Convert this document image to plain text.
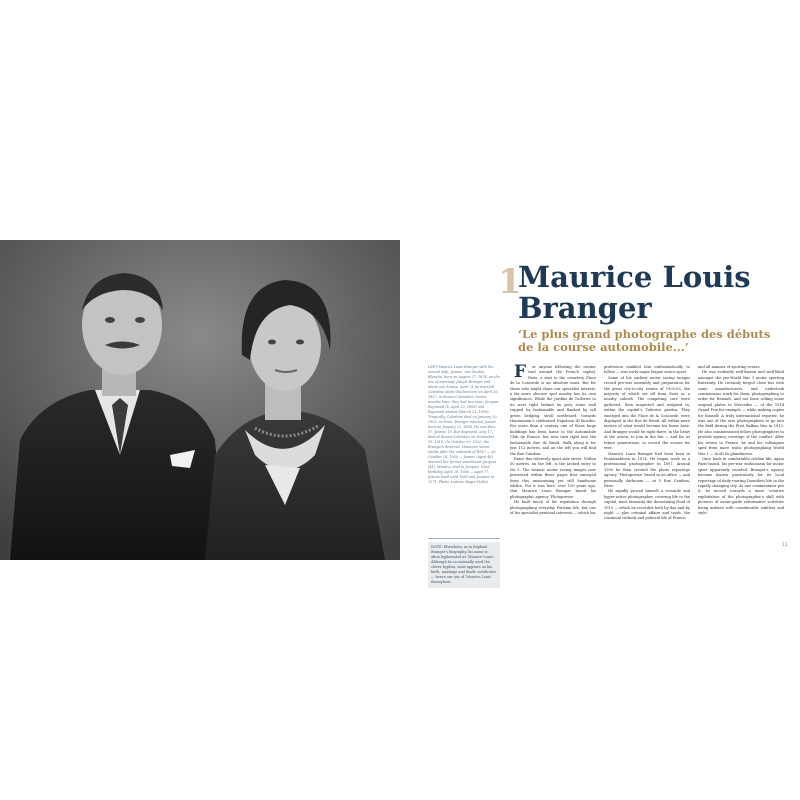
1
Maurice Louis Branger
‘Le plus grand photographe des débuts de la course automobile...’
LEFT Maurice Louis Branger with his second wife, Jeanne, née Gautier, Blanche, born on August 27, 1874, on the eve of marriage Joseph Branger and Marie née Louise, April 21 he married Celestine Marie Ruchamiere on April 26, 1897, in Rouen-Colombier; twelve months later, they had two sons: Jacques Raymond (b. April 20, 1898) and Raymond Marius (March 31, 1899). Tragically, Celestine died on January 20, 1903, as Paris. Branger married Jeanne born on January 22, 1894. He was then 37; Jeanne 19. But Raymond, only 17, died at Rouen-Colombes on November 15, 1916. On October 29, 1920, the Brangers divorced. However, seven weeks after the outbreak of WW2 — on October 14, 1939 — Jeanne (aged 46) married her former sweetheart Jacques (41). Maurice died in Jacques’ 62nd birthday, April 20, 1958 — aged 77. Jeanne lived until 1960 and Jacques to 1971. Photo: Ludovic Roger-Viollet
NOTE: Elsewhere, as in Raphael Branger’s biography, his name is often hyphenated as ‘Maurice-Louis’. Although he occasionally used the clever hyphen, none appears on his birth, marriage and death certificates — hence our use of ‘Maurice Louis’ throughout.

F	or anyone following the routier trail around the French capital, Paris, a visit to the cemetery Place de la Concorde is an absolute must. But for those who might share our specialist interest, a far more obscure spot nearby has its own significance. While the Jardins de Tuileries to its west right behind its grey stone wall tripped by fashionable and flanked by tall green hedging, stroll northward, towards Haussmann’s celebrated Napoleon III facades. For more than a century one of those huge buildings has been home to the Automobile Club de France, but now turn right into the fashionable Rue de Rivoli. Walk along it for just 112 metres, and on the left you will find the Rue Cambon.

Enter this relatively quiet side street. Within 50 metres, on the left, is the arched entry to No 5. The historic motor racing images now presented within these pages first emerged from this unassuming yet still handsome edifice. For it was here, over 100 years ago, that Maurice Louis Branger based his photographic agency ‘Photopresse’.

He built much of his reputation through photographing everyday Parisian life, but one of his specialist personal interests — which his

profession enabled him enthusiastically to follow — was early major league motor sport.

Some of his earliest motor racing images record pre-war assembly and preparation for the great city-to-city events of 1902-03, the majority of which set off from Paris or a nearby suburb. The competing cars were gathered, then inspected and weighed in, within the capital’s Tuileries garden. They emerged into the Place de la Concorde, were displayed in the Rue de Rivoli. All within mere metres of what would become his home base. And Branger would be right there, in the heart of the action, to join in the fun — and for us future generations, to record the scenes for ever.

Maurice Louis Branger had been born in Fontainebleau in 1874. He began work as a professional photographer in 1897. Around 1905 he then created the photo reportage agency ‘Photopresse’ based in an office — and personally darkroom — at 5 Rue Cambon, Paris.

He rapidly proved himself a versatile and hyper-active photographer, covering life in the capital, most famously the devastating flood of 1910 — which he recorded both by day and by night — plus criminal affairs and trials, the continual cultural and political life of France

and all manner of sporting events.

He was evidently well-known and well-liked amongst the pre-World War 1 motor sporting fraternity. He certainly forged close ties with some manufacturers, and undertook commissions work for them, photographing to order for Renault, and not least selling some original plates to Mercedes — of the 1914 Grand Prix for example — while making copies for himself. A truly international reporter, he was one of the rare photographers to go into the field during the First Balkan War in 1913. He also commissioned fellow photographers to provide agency coverage of the conflict. After his return to France, he and his colleagues sped from more static photographing World War 1 — in all its glumfinesse.

Once back in comfortable civilian life, again Paris-based, his pre-war enthusiasm for motor sport apparently receded. Branger’s agency became known particularly for its local reportage of daily-roaring Dauntless life in the rapidly changing city. As one commentator put it, he moved towards a more ‘creative exploitation of the photographer’s skill with pictures of avant-garde reformative activities being imbued with considerable subtlety and style’.

11
